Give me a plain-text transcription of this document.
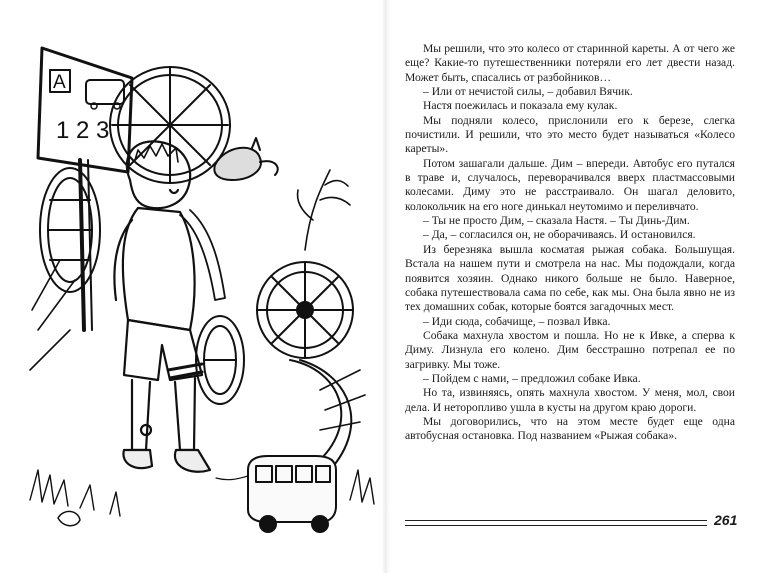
А
1 2 3

Мы решили, что это колесо от старинной кареты. А от чего же еще? Какие-то путешественники потеряли его лет двести назад. Может быть, спасались от разбойников…

– Или от нечистой силы, – добавил Вячик.

Настя поежилась и показала ему кулак.

Мы подняли колесо, прислонили его к березе, слегка почистили. И решили, что это место будет называться «Колесо кареты».

Потом зашагали дальше. Дим – впереди. Автобус его путался в траве и, случалось, переворачивался вверх пластмассовыми колесами. Диму это не расстраивало. Он шагал деловито, колокольчик на его ноге динькал неутомимо и переливчато.

– Ты не просто Дим, – сказала Настя. – Ты Динь-Дим.

– Да, – согласился он, не оборачиваясь. И остановился.

Из березняка вышла косматая рыжая собака. Большущая. Встала на нашем пути и смотрела на нас. Мы подождали, когда появится хозяин. Однако никого больше не было. Наверное, собака путешествовала сама по себе, как мы. Она была явно не из тех домашних собак, которые боятся загадочных мест.

– Иди сюда, собачище, – позвал Ивка.

Собака махнула хвостом и пошла. Но не к Ивке, а сперва к Диму. Лизнула его колено. Дим бесстрашно потрепал ее по загривку. Мы тоже.

– Пойдем с нами, – предложил собаке Ивка.

Но та, извиняясь, опять махнула хвостом. У меня, мол, свои дела. И неторопливо ушла в кусты на другом краю дороги.

Мы договорились, что на этом месте будет еще одна автобусная остановка. Под названием «Рыжая собака».

261
